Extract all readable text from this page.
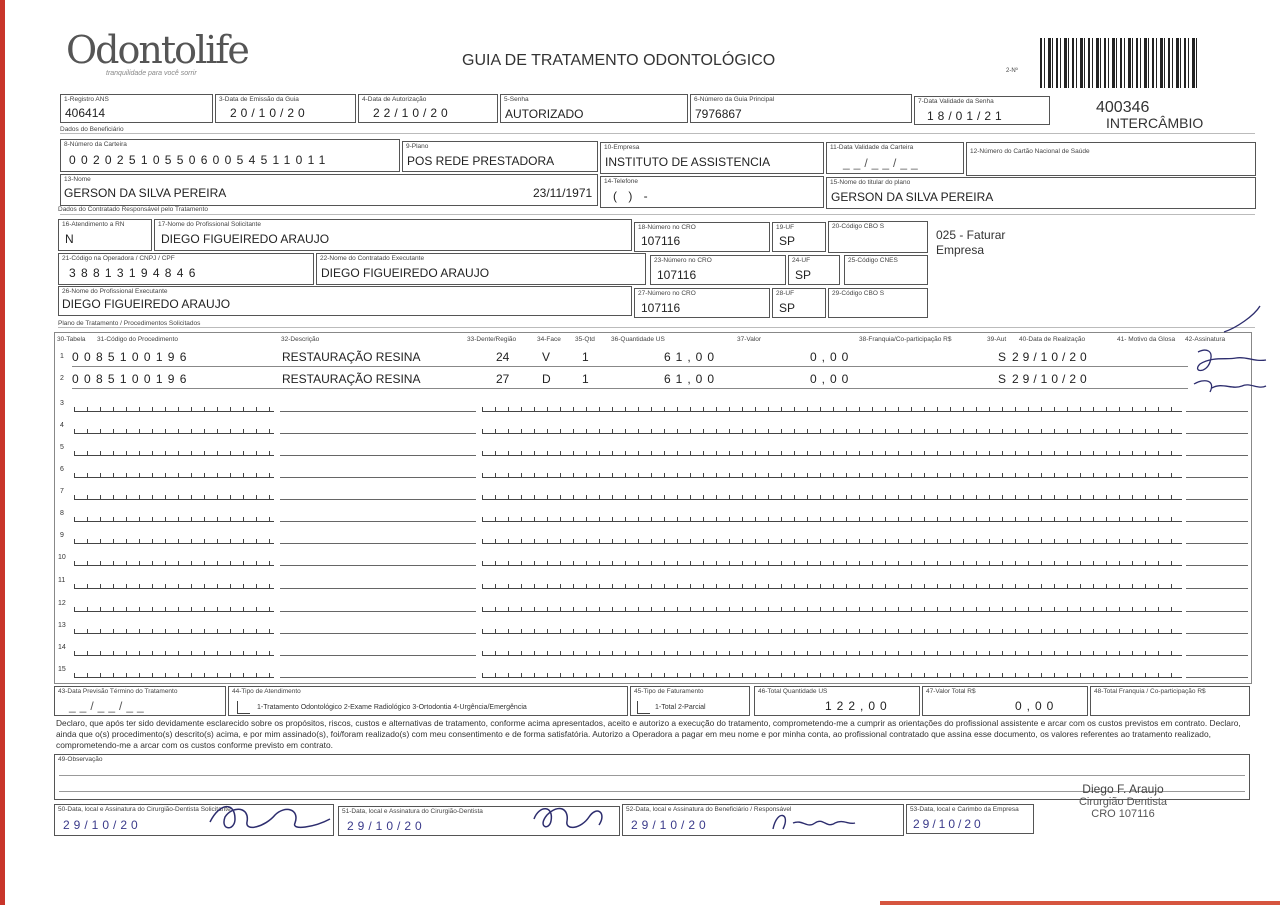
Odontolife
tranquilidade para você sorrir
GUIA DE TRATAMENTO ODONTOLÓGICO
2-Nº
400346
INTERCÂMBIO
1-Registro ANS
406414
3-Data de Emissão da Guia
20/10/20
4-Data de Autorização
22/10/20
5-Senha
AUTORIZADO
6-Número da Guia Principal
7976867
7-Data Validade da Senha
18/01/21
Dados do Beneficiário
8-Número da Carteira
0020251055060054511011
9-Plano
POS REDE PRESTADORA
10-Empresa
INSTITUTO DE ASSISTENCIA
11-Data Validade da Carteira
__/__/__
12-Número do Cartão Nacional de Saúde
13-Nome
GERSON DA SILVA PEREIRA	23/11/1971
14-Telefone
( ) -
15-Nome do titular do plano
GERSON DA SILVA PEREIRA
Dados do Contratado Responsável pelo Tratamento
16-Atendimento a RN
N
17-Nome do Profissional Solicitante
DIEGO FIGUEIREDO ARAUJO
18-Número no CRO
107116
19-UF
SP
20-Código CBO S
025 - Faturar Empresa
21-Código na Operadora / CNPJ / CPF
38813194846
22-Nome do Contratado Executante
DIEGO FIGUEIREDO ARAUJO
23-Número no CRO
107116
24-UF
SP
25-Código CNES
26-Nome do Profissional Executante
DIEGO FIGUEIREDO ARAUJO
27-Número no CRO
107116
28-UF
SP
29-Código CBO S
Plano de Tratamento / Procedimentos Solicitados
30-Tabela 31-Código do Procedimento	32-Descrição	33-Dente/Região	34-Face 35-Qtd 36-Quantidade US	37-Valor	38-Franquia/Co-participação R$	39-Aut 40-Data de Realização	41- Motivo da Glosa 42-Assinatura
1 0085100196	RESTAURAÇÃO RESINA	24	V	1	61,00	0,00	S 29/10/20
2 0085100196	RESTAURAÇÃO RESINA	27	D	1	61,00	0,00	S 29/10/20
3
4
5
6
7
8
9
10
11
12
13
14
15
43-Data Previsão Término do Tratamento
__/__/__
44-Tipo de Atendimento
1-Tratamento Odontológico 2-Exame Radiológico 3-Ortodontia 4-Urgência/Emergência
45-Tipo de Faturamento
1-Total 2-Parcial
46-Total Quantidade US
122,00
47-Valor Total R$
0,00
48-Total Franquia / Co-participação R$
Declaro, que após ter sido devidamente esclarecido sobre os propósitos, riscos, custos e alternativas de tratamento, conforme acima apresentados, aceito e autorizo a execução do tratamento, comprometendo-me a cumprir as orientações do profissional assistente e arcar com os custos previstos em contrato. Declaro, ainda que o(s) procedimento(s) descrito(s) acima, e por mim assinado(s), foi/foram realizado(s) com meu consentimento e de forma satisfatória. Autorizo a Operadora a pagar em meu nome e por minha conta, ao profissional contratado que assina esse documento, os valores referentes ao tratamento realizado, comprometendo-me a arcar com os custos conforme previsto em contrato.
49-Observação
50-Data, local e Assinatura do Cirurgião-Dentista Solicitante
29/10/20
51-Data, local e Assinatura do Cirurgião-Dentista
29/10/20
52-Data, local e Assinatura do Beneficiário / Responsável
29/10/20
53-Data, local e Carimbo da Empresa
29/10/20
Diego F. Araujo
Cirurgião Dentista
CRO 107116
